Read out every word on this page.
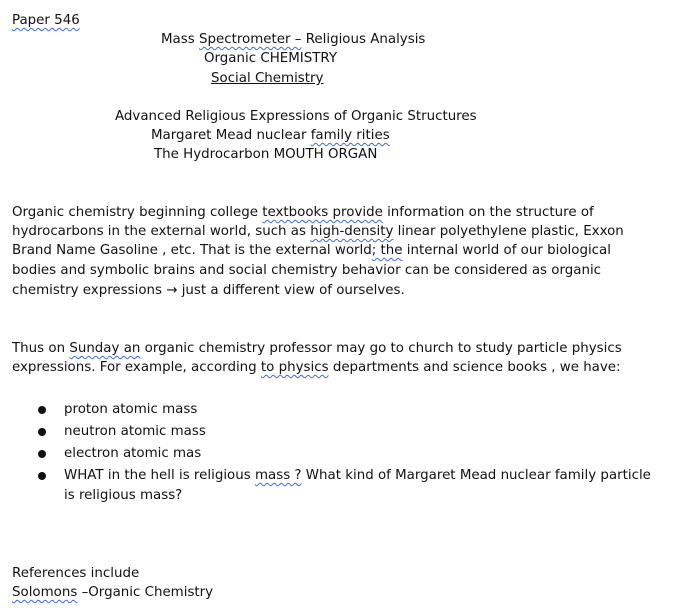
Paper 546
Mass Spectrometer – Religious Analysis
Organic CHEMISTRY
Social Chemistry
Advanced Religious Expressions of Organic Structures
Margaret Mead nuclear family rities
The Hydrocarbon MOUTH ORGAN
Organic chemistry beginning college textbooks provide information on the structure of
hydrocarbons in the external world, such as high-density linear polyethylene plastic, Exxon
Brand Name Gasoline , etc. That is the external world; the internal world of our biological
bodies and symbolic brains and social chemistry behavior can be considered as organic
chemistry expressions → just a different view of ourselves.
Thus on Sunday an organic chemistry professor may go to church to study particle physics
expressions. For example, according to physics departments and science books , we have:
proton atomic mass
neutron atomic mass
electron atomic mas
WHAT in the hell is religious mass ? What kind of Margaret Mead nuclear family particle
is religious mass?
References include
Solomons –Organic Chemistry
